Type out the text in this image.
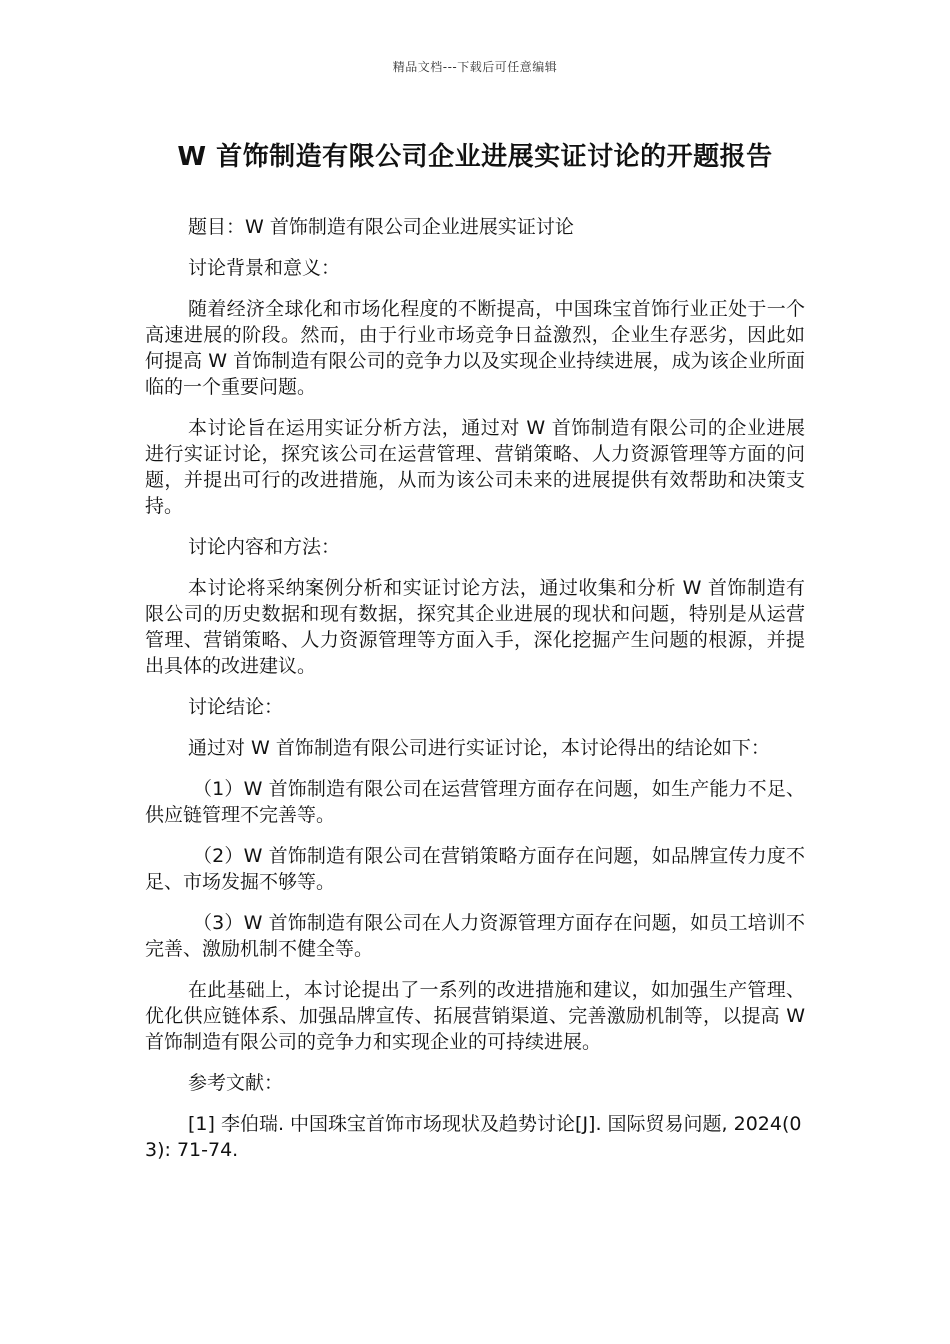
精品文档---下载后可任意编辑
W 首饰制造有限公司企业进展实证讨论的开题报告

题目：W 首饰制造有限公司企业进展实证讨论

讨论背景和意义：

随着经济全球化和市场化程度的不断提高，中国珠宝首饰行业正处于一个高速进展的阶段。然而，由于行业市场竞争日益激烈，企业生存恶劣，因此如何提高 W 首饰制造有限公司的竞争力以及实现企业持续进展，成为该企业所面临的一个重要问题。

本讨论旨在运用实证分析方法，通过对 W 首饰制造有限公司的企业进展进行实证讨论，探究该公司在运营管理、营销策略、人力资源管理等方面的问题，并提出可行的改进措施，从而为该公司未来的进展提供有效帮助和决策支持。

讨论内容和方法：

本讨论将采纳案例分析和实证讨论方法，通过收集和分析 W 首饰制造有限公司的历史数据和现有数据，探究其企业进展的现状和问题，特别是从运营管理、营销策略、人力资源管理等方面入手，深化挖掘产生问题的根源，并提出具体的改进建议。

讨论结论：

通过对 W 首饰制造有限公司进行实证讨论，本讨论得出的结论如下：

（1）W 首饰制造有限公司在运营管理方面存在问题，如生产能力不足、供应链管理不完善等。

（2）W 首饰制造有限公司在营销策略方面存在问题，如品牌宣传力度不足、市场发掘不够等。

（3）W 首饰制造有限公司在人力资源管理方面存在问题，如员工培训不完善、激励机制不健全等。

在此基础上，本讨论提出了一系列的改进措施和建议，如加强生产管理、优化供应链体系、加强品牌宣传、拓展营销渠道、完善激励机制等，以提高 W 首饰制造有限公司的竞争力和实现企业的可持续进展。

参考文献：

[1] 李伯瑞. 中国珠宝首饰市场现状及趋势讨论[J]. 国际贸易问题, 2024(03): 71-74.
